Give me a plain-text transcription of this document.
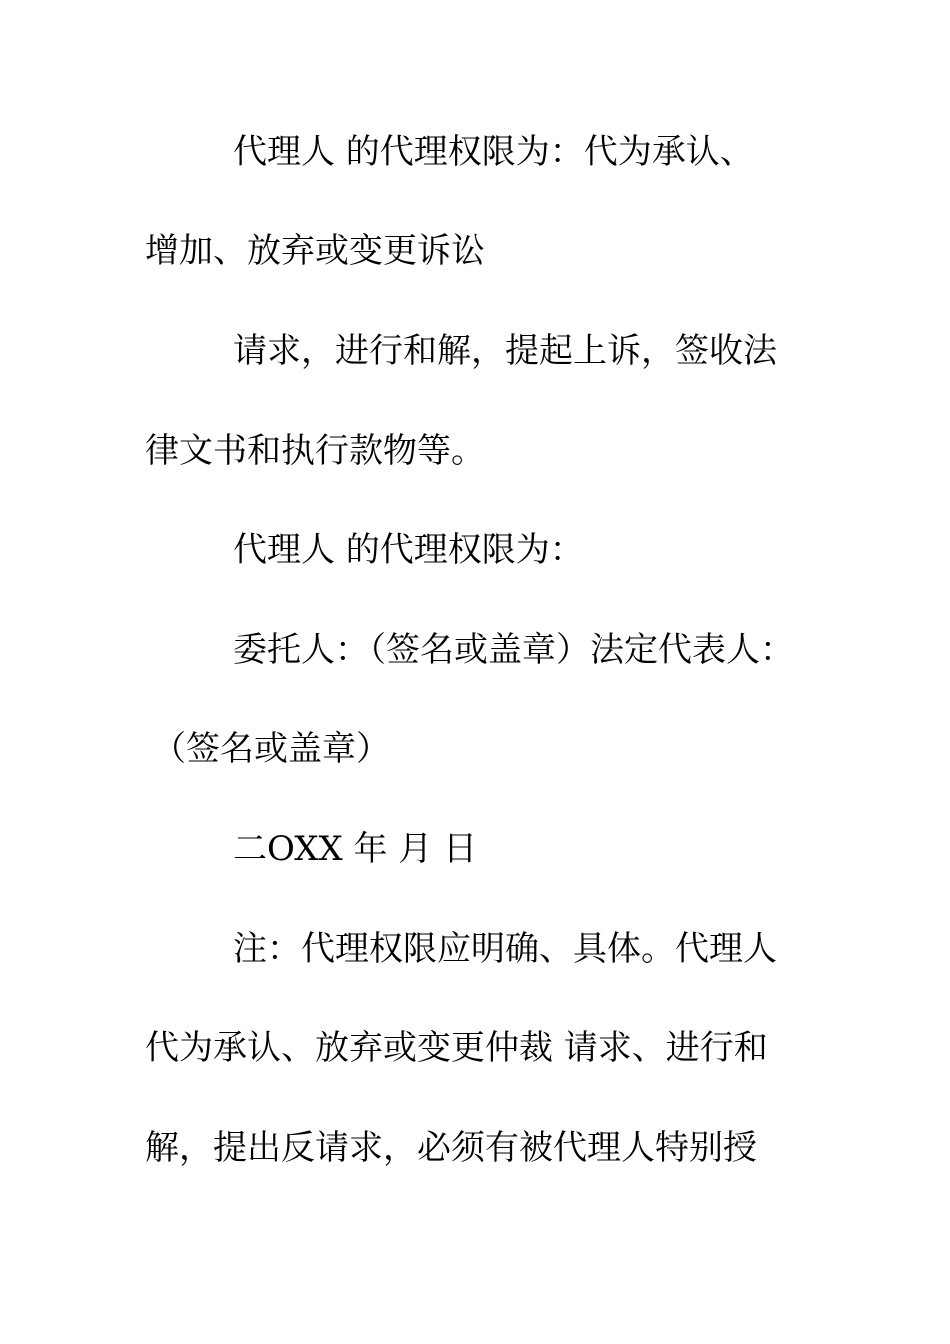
代理人 的代理权限为：代为承认、

增加、放弃或变更诉讼

请求，进行和解，提起上诉，签收法

律文书和执行款物等。

代理人 的代理权限为：

委托人：（签名或盖章）法定代表人：

（签名或盖章）

二OXX 年 月 日

注：代理权限应明确、具体。代理人

代为承认、放弃或变更仲裁 请求、进行和

解，提出反请求，必须有被代理人特别授
